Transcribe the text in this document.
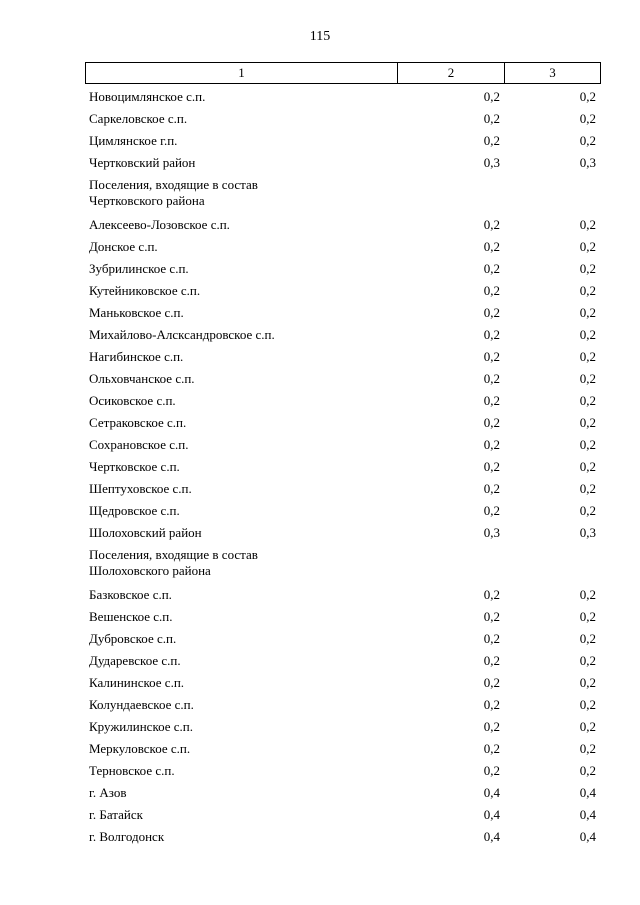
115
1	2	3
Новоцимлянское с.п.	0,2	0,2
Саркеловское с.п.	0,2	0,2
Цимлянское г.п.	0,2	0,2
Чертковский район	0,3	0,3
Поселения, входящие в состав
Чертковского района
Алексеево-Лозовское с.п.	0,2	0,2
Донское с.п.	0,2	0,2
Зубрилинское с.п.	0,2	0,2
Кутейниковское с.п.	0,2	0,2
Маньковское с.п.	0,2	0,2
Михайлово-Алсксандровское с.п.	0,2	0,2
Нагибинское с.п.	0,2	0,2
Ольховчанское с.п.	0,2	0,2
Осиковское с.п.	0,2	0,2
Сетраковское с.п.	0,2	0,2
Сохрановское с.п.	0,2	0,2
Чертковское с.п.	0,2	0,2
Шептуховское с.п.	0,2	0,2
Щедровское с.п.	0,2	0,2
Шолоховский район	0,3	0,3
Поселения, входящие в состав
Шолоховского района
Базковское с.п.	0,2	0,2
Вешенское с.п.	0,2	0,2
Дубровское с.п.	0,2	0,2
Дударевское с.п.	0,2	0,2
Калининское с.п.	0,2	0,2
Колундаевское с.п.	0,2	0,2
Кружилинское с.п.	0,2	0,2
Меркуловское с.п.	0,2	0,2
Терновское с.п.	0,2	0,2
г. Азов	0,4	0,4
г. Батайск	0,4	0,4
г. Волгодонск	0,4	0,4
